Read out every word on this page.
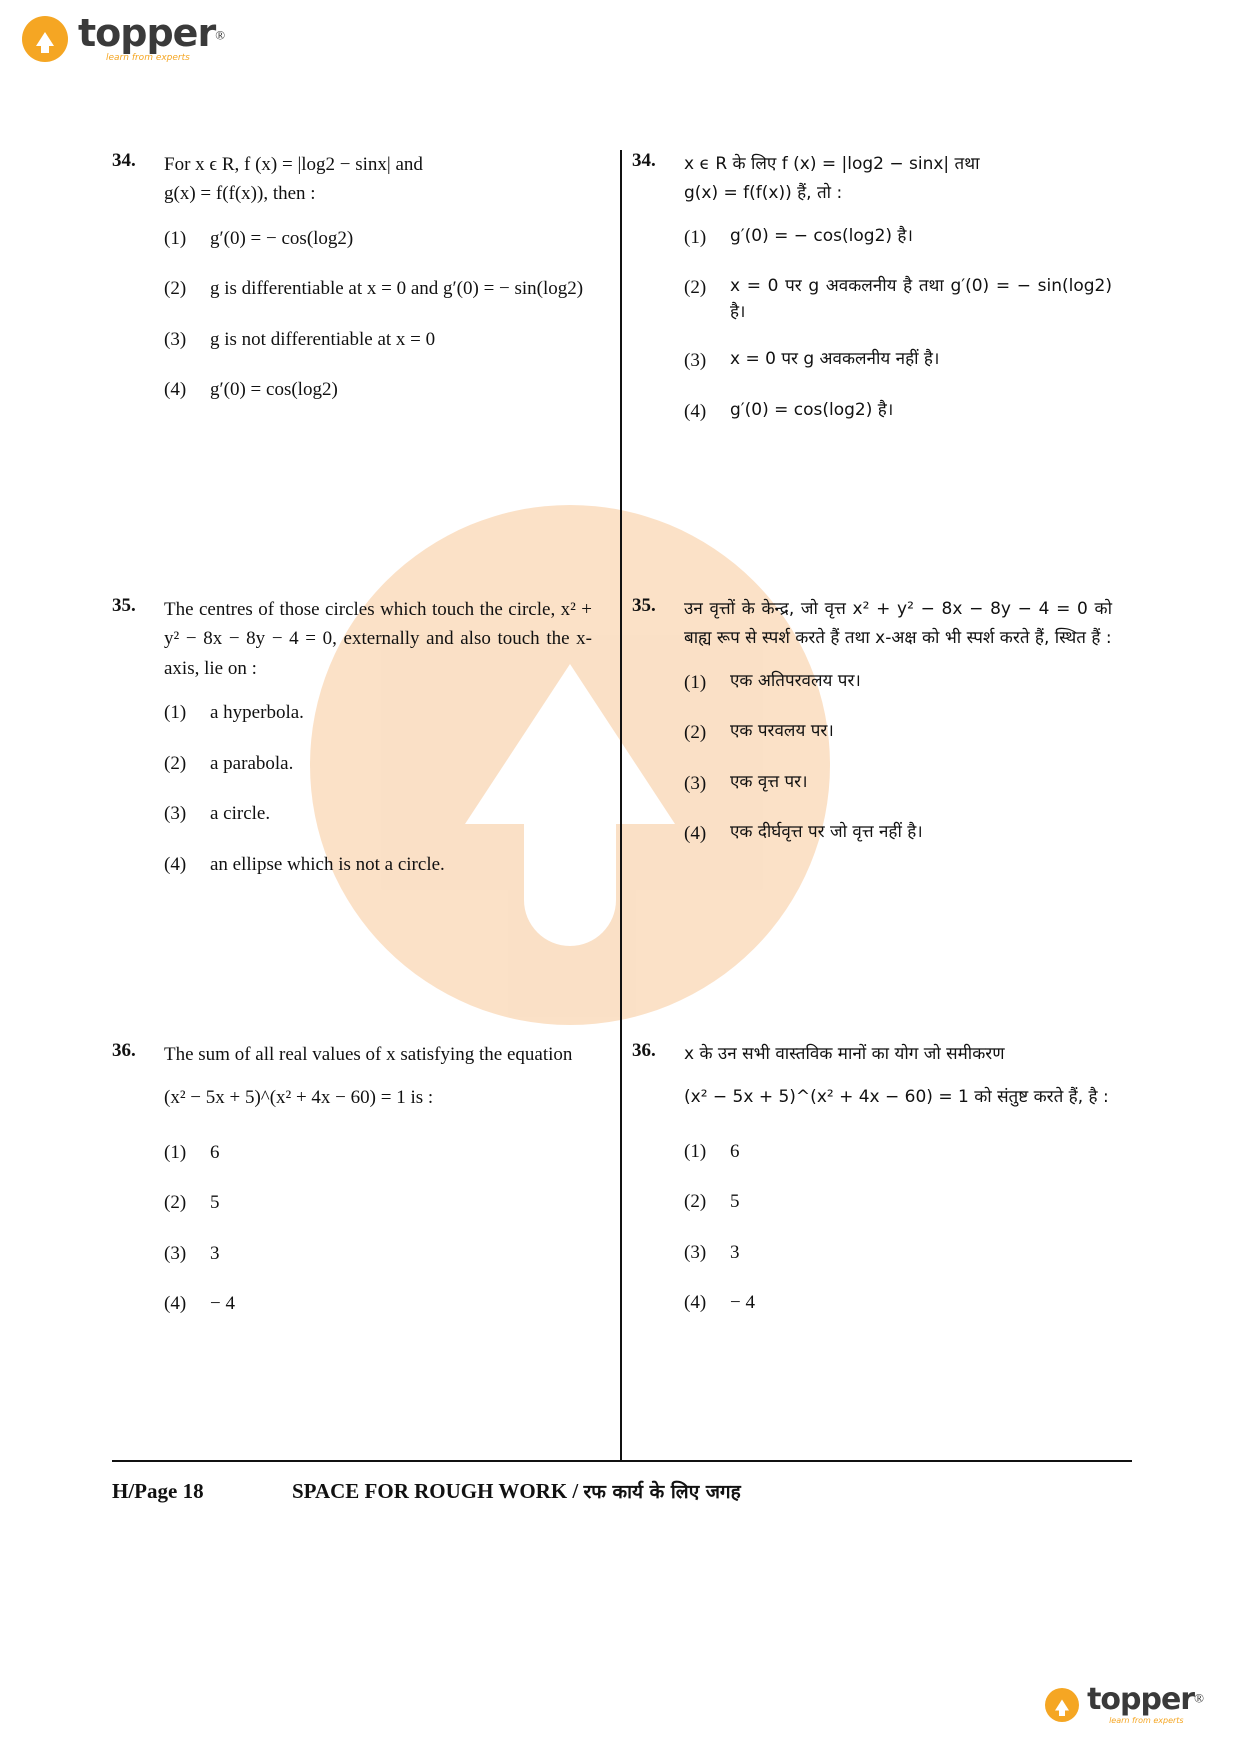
topper®
learn from experts
34.	For x ϵ R, f (x) = |log2 − sinx| and
g(x) = f(f(x)), then :
(1)	g′(0) = − cos(log2)
(2)	g is differentiable at x = 0 and g′(0) = − sin(log2)
(3)	g is not differentiable at x = 0
(4)	g′(0) = cos(log2)
34.	x ϵ R के लिए f (x) = |log2 − sinx| तथा
g(x) = f(f(x)) हैं, तो :
(1)	g′(0) = − cos(log2) है।
(2)	x = 0 पर g अवकलनीय है तथा g′(0) = − sin(log2) है।
(3)	x = 0 पर g अवकलनीय नहीं है।
(4)	g′(0) = cos(log2) है।
35.	The centres of those circles which touch the circle, x² + y² − 8x − 8y − 4 = 0, externally and also touch the x-axis, lie on :
(1)	a hyperbola.
(2)	a parabola.
(3)	a circle.
(4)	an ellipse which is not a circle.
35.	उन वृत्तों के केन्द्र, जो वृत्त x² + y² − 8x − 8y − 4 = 0 को बाह्य रूप से स्पर्श करते हैं तथा x-अक्ष को भी स्पर्श करते हैं, स्थित हैं :
(1)	एक अतिपरवलय पर।
(2)	एक परवलय पर।
(3)	एक वृत्त पर।
(4)	एक दीर्घवृत्त पर जो वृत्त नहीं है।
36.	The sum of all real values of x satisfying the equation
(x² − 5x + 5)^(x² + 4x − 60) = 1 is :
(1)	6
(2)	5
(3)	3
(4)	− 4
36.	x के उन सभी वास्तविक मानों का योग जो समीकरण
(x² − 5x + 5)^(x² + 4x − 60) = 1 को संतुष्ट करते हैं, है :
(1)	6
(2)	5
(3)	3
(4)	− 4
H/Page 18	SPACE FOR ROUGH WORK / रफ कार्य के लिए जगह
topper®
learn from experts
